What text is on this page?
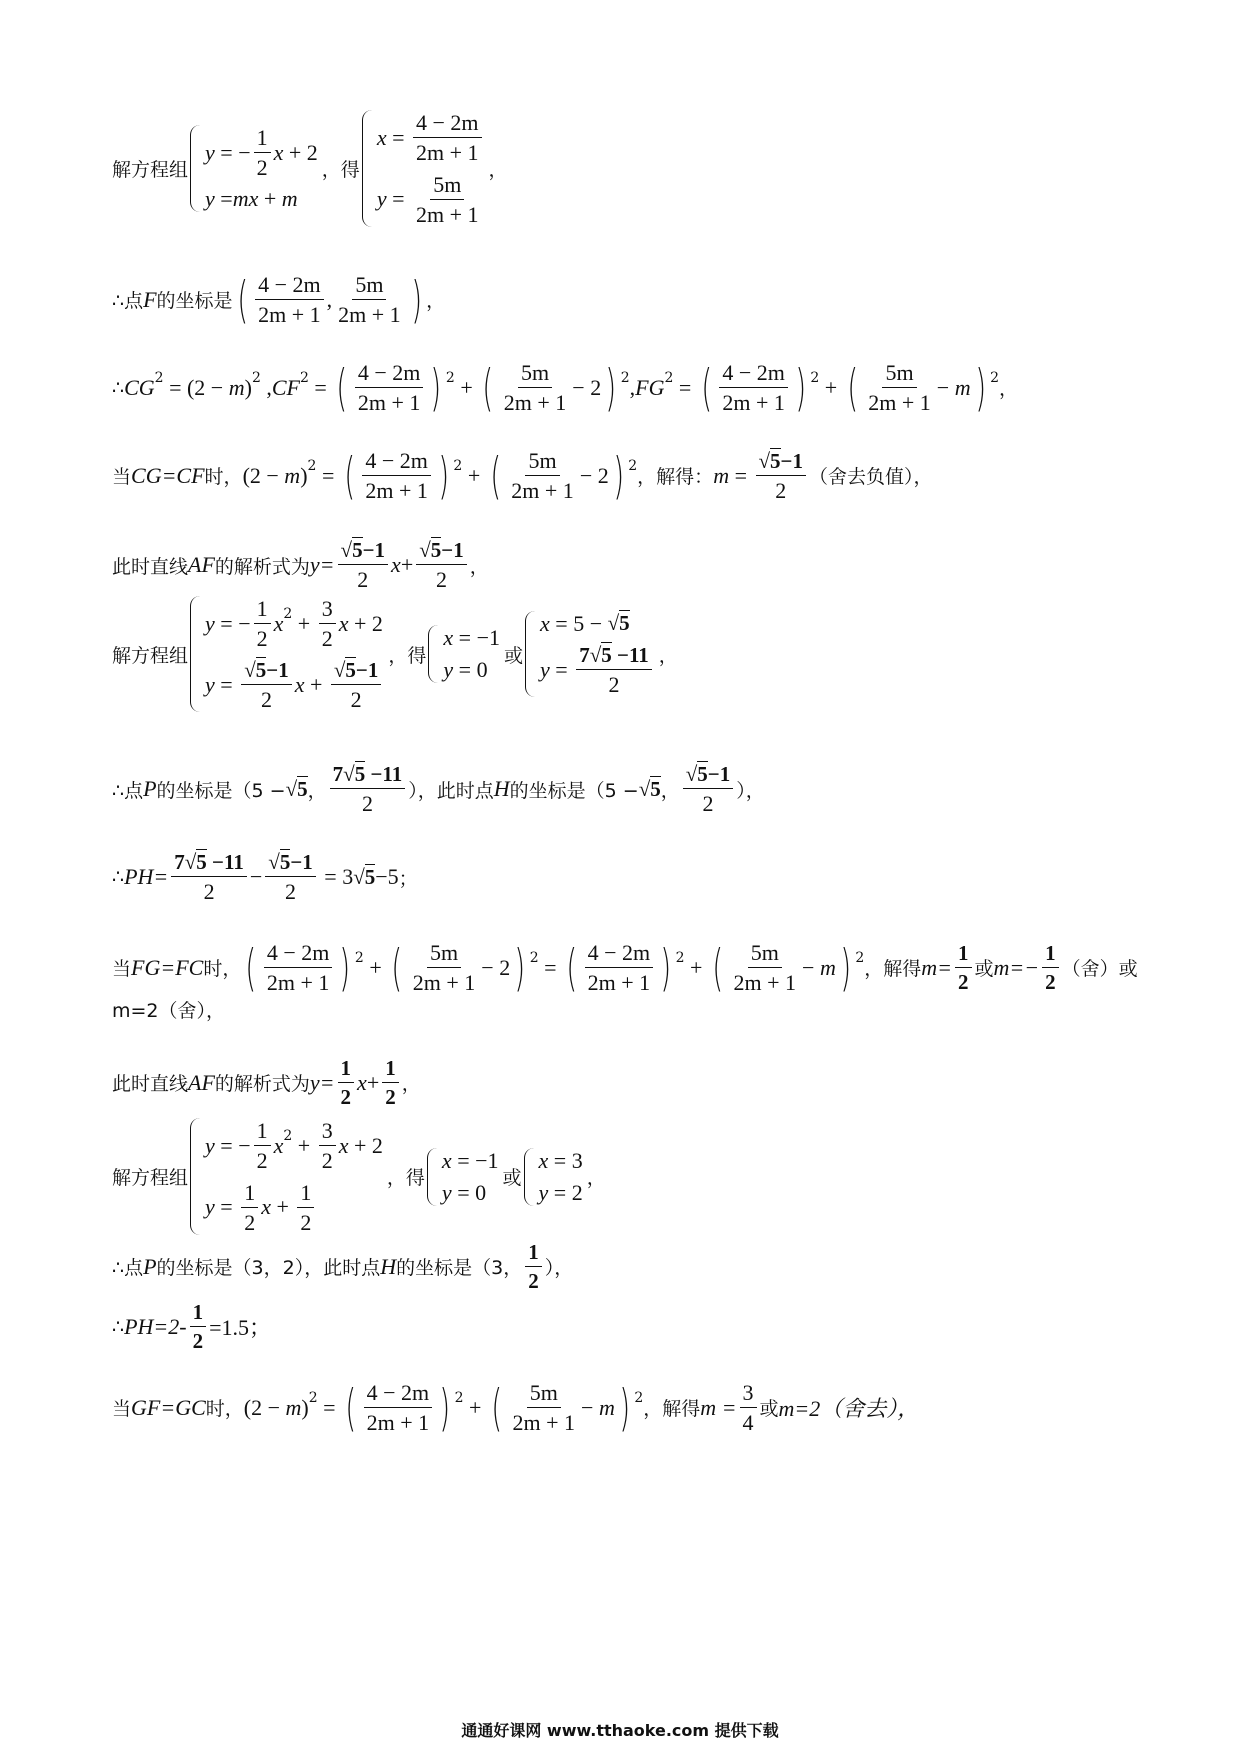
解方程组
y = − $\frac{1}{2}$ x + 2
y = mx + m
，得
$x = \frac{4 - 2m}{2m + 1}$
$y = \frac{5m}{2m + 1}$
，
∴点 F 的坐标是 ( $\frac{4 - 2m}{2m + 1}$ , $\frac{5m}{2m + 1}$ ) ，
∴ CG 2 = (2 − m ) 2 , CF 2 = ( $\frac{4 - 2m}{2m + 1}$ ) 2 + ( $\frac{5m}{2m + 1} - 2$ ) 2 , FG 2 = ( $\frac{4 - 2m}{2m + 1}$ ) 2 + ( $\frac{5m}{2m + 1} - m$ ) 2
，
当 CG=CF 时， (2 − m ) 2 = ( $\frac{4 - 2m}{2m + 1}$ ) 2 + ( $\frac{5m}{2m + 1} - 2$ ) 2
，解得： $m = \frac{√5-1}{2}$ （舍去负值），
此时直线 AF 的解析式为 $y= \frac{√5-1}{2}$ $x + \frac{√5-1}{2}$ ，
解方程组
y = − $\frac{1}{2}$ x $2 + \frac{3}{2}$ x + 2
$y = \frac{√5-1}{2}$ $x + \frac{√5-1}{2}$
，得
x = −1
y = 0
或
x = 5 − √5
$y = \frac{7√5 -11}{2}$ ，
∴点 P 的坐标是（5 − √5 ， $\frac{7√5 -11}{2}$ ），此时点 H 的坐标是（5 − √5 ， $\frac{√5-1}{2}$ ），
∴ $PH= \frac{7√5 -11}{2} - \frac{√5-1}{2} = 3$ √5 −5 ；
当 FG=FC 时， ( $\frac{4 - 2m}{2m + 1}$ ) 2 + ( $\frac{5m}{2m + 1} - 2$ ) 2 = ( $\frac{4 - 2m}{2m + 1}$ ) 2 + ( $\frac{5m}{2m + 1} - m$ ) 2
，解得 $m= \frac{1}{2}$ 或 $m=- \frac{1}{2}$ （舍）或
m=2（舍），
此时直线 AF 的解析式为 $y= \frac{1}{2}$ $x + \frac{1}{2}$ ，
解方程组
y = − $\frac{1}{2}$ x $2 + \frac{3}{2}$ x + 2
$y = \frac{1}{2}$ $x + \frac{1}{2}$
，得
x = −1
y = 0
或
x = 3
y = 2
，
∴点 P 的坐标是（3，2），此时点 H 的坐标是（3， $\frac{1}{2}$ ），
∴ $PH=2- \frac{1}{2} =1.5$；
当 GF=GC 时， (2 − m ) 2 = ( $\frac{4 - 2m}{2m + 1}$ ) 2 + ( $\frac{5m}{2m + 1} - m$ ) 2
，解得 $m = \frac{3}{4}$ 或 m=2（舍去），
通通好课网 www.tthaoke.com 提供下载
